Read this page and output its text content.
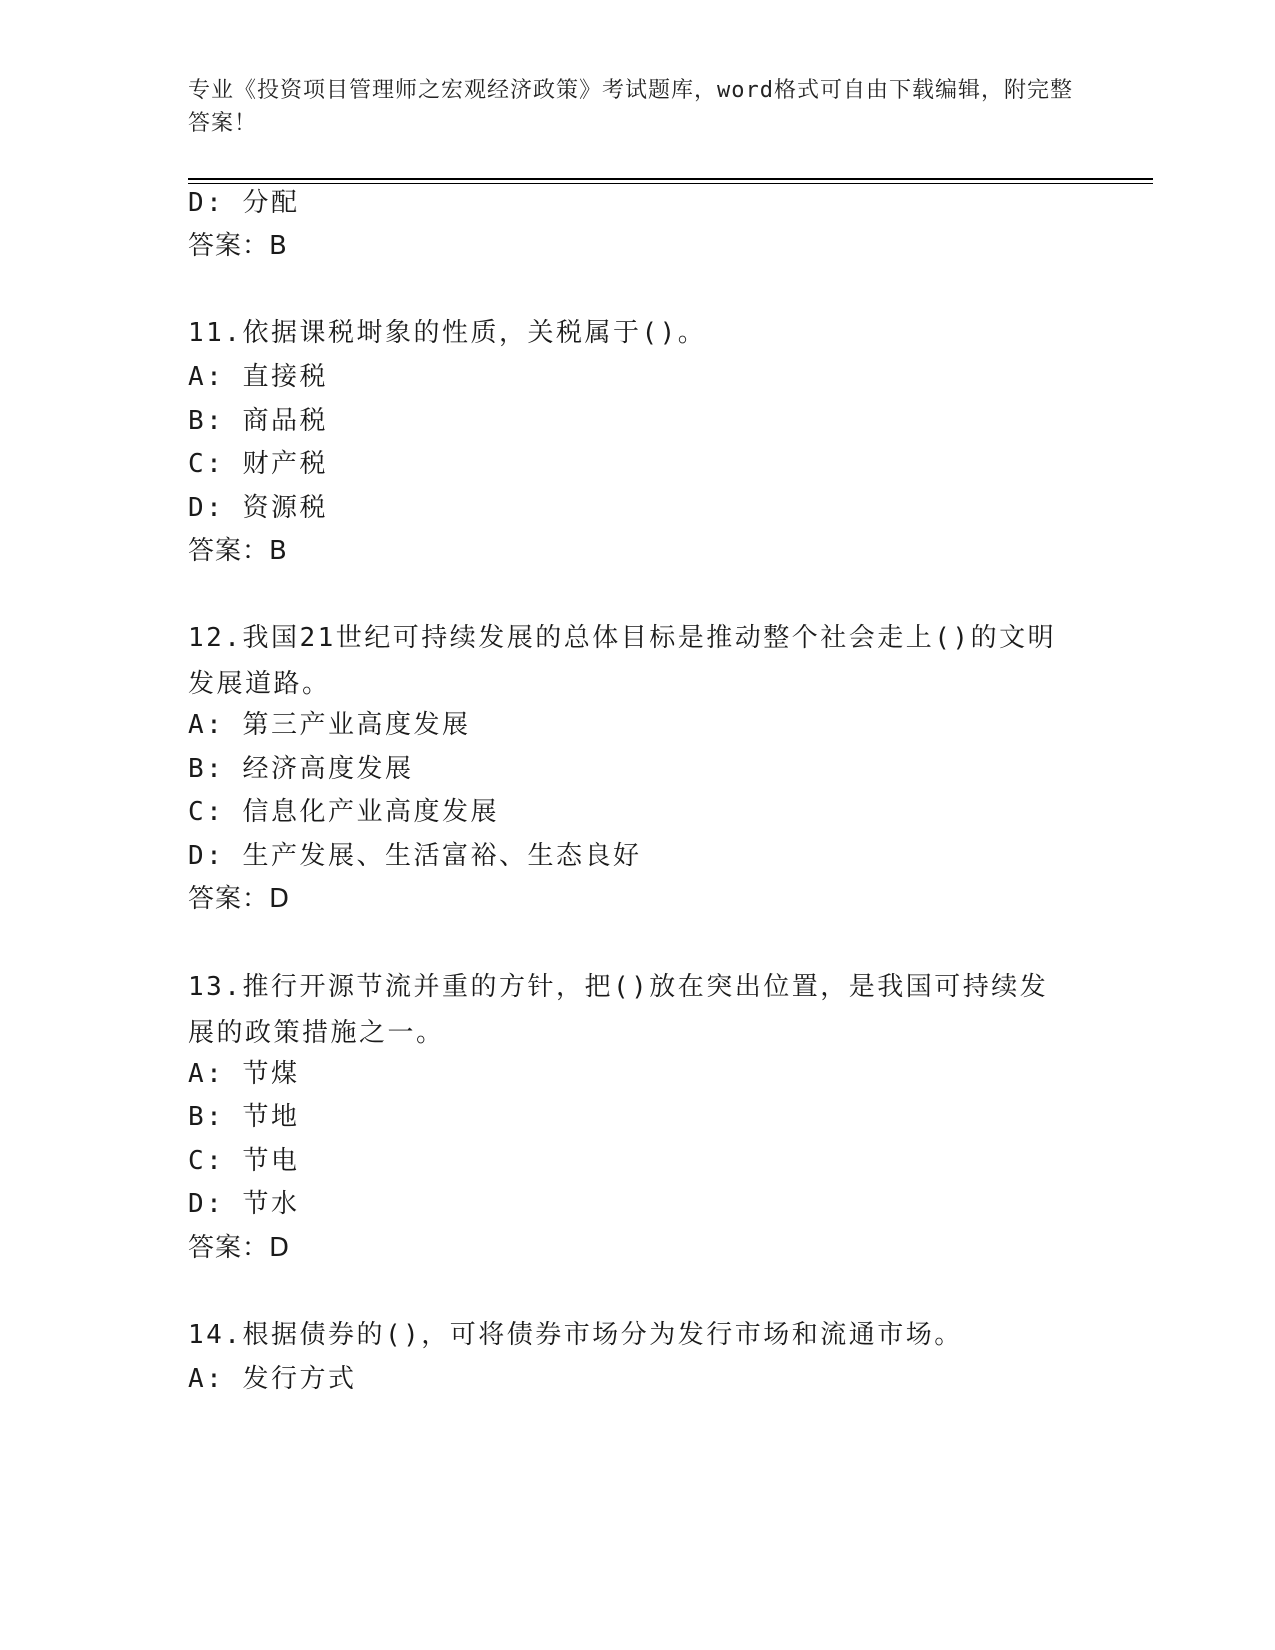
专业《投资项目管理师之宏观经济政策》考试题库，word格式可自由下载编辑，附完整答案！
D: 分配
答案：B
11.依据课税埘象的性质，关税属于()。
A: 直接税
B: 商品税
C: 财产税
D: 资源税
答案：B
12.我国21世纪可持续发展的总体目标是推动整个社会走上()的文明发展道路。
A: 第三产业高度发展
B: 经济高度发展
C: 信息化产业高度发展
D: 生产发展、生活富裕、生态良好
答案：D
13.推行开源节流并重的方针，把()放在突出位置，是我国可持续发展的政策措施之一。
A: 节煤
B: 节地
C: 节电
D: 节水
答案：D
14.根据债券的()，可将债券市场分为发行市场和流通市场。
A: 发行方式
